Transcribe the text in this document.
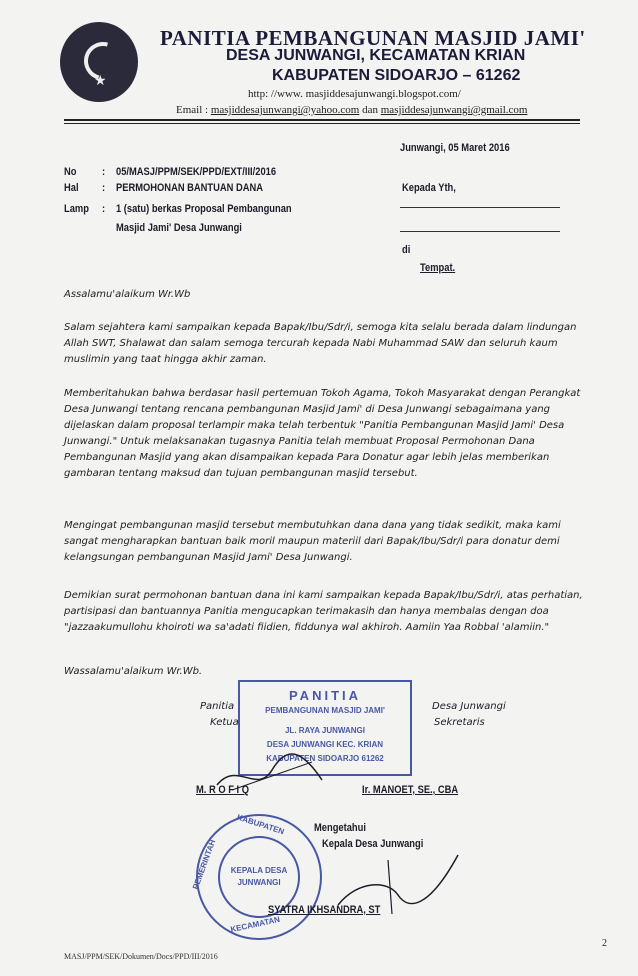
★
PANITIA PEMBANGUNAN MASJID JAMI'
DESA JUNWANGI, KECAMATAN KRIAN
KABUPATEN SIDOARJO – 61262
http: //www. masjiddesajunwangi.blogspot.com/
Email : masjiddesajunwangi@yahoo.com dan masjiddesajunwangi@gmail.com
Junwangi, 05 Maret 2016
No : 05/MASJ/PPM/SEK/PPD/EXT/III/2016
Hal : PERMOHONAN BANTUAN DANA
Lamp : 1 (satu) berkas Proposal Pembangunan
Masjid Jami' Desa Junwangi
Kepada Yth,
di
Tempat.
Assalamu'alaikum Wr.Wb
Salam sejahtera kami sampaikan kepada Bapak/Ibu/Sdr/i, semoga kita selalu berada dalam lindungan Allah SWT, Shalawat dan salam semoga tercurah kepada Nabi Muhammad SAW dan seluruh kaum muslimin yang taat hingga akhir zaman.
Memberitahukan bahwa berdasar hasil pertemuan Tokoh Agama, Tokoh Masyarakat dengan Perangkat Desa Junwangi tentang rencana pembangunan Masjid Jami' di Desa Junwangi sebagaimana yang dijelaskan dalam proposal terlampir maka telah terbentuk "Panitia Pembangunan Masjid Jami' Desa Junwangi." Untuk melaksanakan tugasnya Panitia telah membuat Proposal Permohonan Dana Pembangunan Masjid yang akan disampaikan kepada Para Donatur agar lebih jelas memberikan gambaran tentang maksud dan tujuan pembangunan masjid tersebut.
Mengingat pembangunan masjid tersebut membutuhkan dana dana yang tidak sedikit, maka kami sangat mengharapkan bantuan baik moril maupun materiil dari Bapak/Ibu/Sdr/i para donatur demi kelangsungan pembangunan Masjid Jami' Desa Junwangi.
Demikian surat permohonan bantuan dana ini kami sampaikan kepada Bapak/Ibu/Sdr/i, atas perhatian, partisipasi dan bantuannya Panitia mengucapkan terimakasih dan hanya membalas dengan doa "jazzaakumullohu khoiroti wa sa'adati fiidien, fiddunya wal akhiroh. Aamiin Yaa Robbal 'alamiin."
Wassalamu'alaikum Wr.Wb.
Panitia	Desa Junwangi
Ketua	Sekretaris
PANITIA
PEMBANGUNAN MASJID JAMI'
JL. RAYA JUNWANGI
DESA JUNWANGI KEC. KRIAN
KABUPATEN SIDOARJO 61262
M. R O F I Q	Ir. MANOET, SE., CBA
Mengetahui
Kepala Desa Junwangi
KABUPATEN
PEMERINTAH
KECAMATAN
KEPALA DESA
JUNWANGI
SYATRA IKHSANDRA, ST
2
MASJ/PPM/SEK/Dokumen/Docs/PPD/III/2016
